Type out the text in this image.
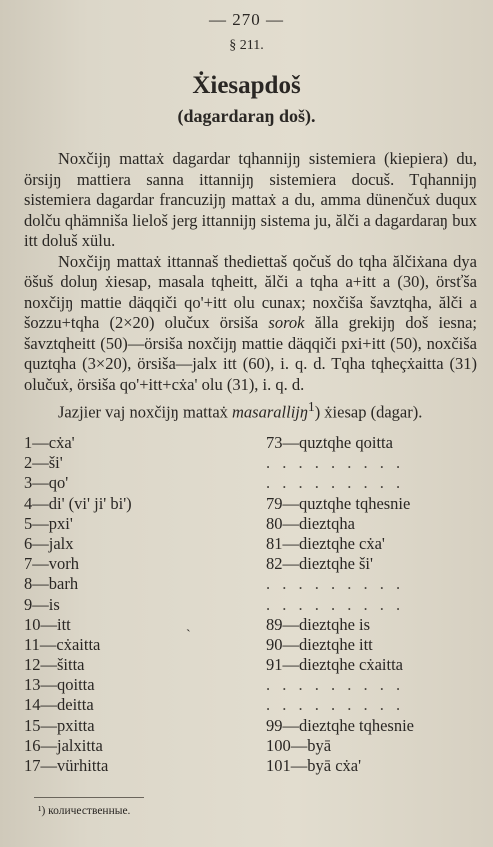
— 270 —
§ 211.
Ẋiesapdoš
(dagardaraŋ doš).

Noxčijŋ mattaẋ dagardar tqhannijŋ sistemiera (kiepiera) du, örsijŋ mattiera sanna ittannijŋ sistemiera docuš. Tqhannijŋ sistemiera dagardar francuzijŋ mattaẋ a du, amma dünenčuẋ duqux dolču qhämniša lieloš jerg ittannijŋ sistema ju, ălči a dagardaraŋ bux itt doluš xülu.

Noxčijŋ mattaẋ ittannaš thediettaš qočuš do tqha ălčiẋana dya öšuš doluŋ ẋiesap, masala tqheitt, ălči a tqha a+itt a (30), örsťša noxčijŋ mattie däqqiči qo'+itt olu cunax; noxčiša šavztqha, ălči a šozzu+tqha (2×20) olučux örsiša sorok ălla grekijŋ doš iesna; šavztqheitt (50)—örsiša noxčijŋ mattie däqqiči pxi+itt (50), noxčiša quztqha (3×20), örsiša—jalx itt (60), i. q. d. Tqha tqheçẋaitta (31) olučuẋ, örsiša qo'+itt+cẋa' olu (31), i. q. d.

Jazjier vaj noxčijŋ mattaẋ masarallijŋ$^1$) ẋiesap (dagar).

1—cẋa'
2—ši'
3—qo'
4—di' (vi' ji' bi')
5—pxi'
6—jalx
7—vorh
8—barh
9—is
10—itt
11—cẋaitta
12—šitta
13—qoitta
14—deitta
15—pxitta
16—jalxitta
17—vürhitta
73—quztqhe qoitta
. . . . . . . . .
. . . . . . . . .
79—quztqhe tqhesnie
80—dieztqha
81—dieztqhe cẋa'
82—dieztqhe ši'
. . . . . . . . .
. . . . . . . . .
89—dieztqhe is
90—dieztqhe itt
91—dieztqhe cẋaitta
. . . . . . . . .
. . . . . . . . .
99—dieztqhe tqhesnie
100—byā
101—byā cẋa'
ˋ
¹) количественные.
